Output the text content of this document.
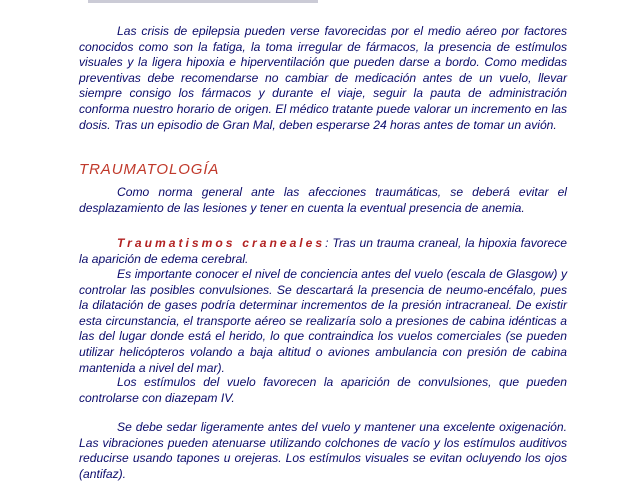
Las crisis de epilepsia pueden verse favorecidas por el medio aéreo por factores conocidos como son la fatiga, la toma irregular de fármacos, la presencia de estímulos visuales y la ligera hipoxia e hiperventilación que pueden darse a bordo. Como medidas preventivas debe recomendarse no cambiar de medicación antes de un vuelo, llevar siempre consigo los fármacos y durante el viaje, seguir la pauta de administración conforma nuestro horario de origen. El médico tratante puede valorar un incremento en las dosis. Tras un episodio de Gran Mal, deben esperarse 24 horas antes de tomar un avión.

TRAUMATOLOGÍA

Como norma general ante las afecciones traumáticas, se deberá evitar el desplazamiento de las lesiones y tener en cuenta la eventual presencia de anemia.

Traumatismos craneales: Tras un trauma craneal, la hipoxia favorece la aparición de edema cerebral.

Es importante conocer el nivel de conciencia antes del vuelo (escala de Glasgow) y controlar las posibles convulsiones. Se descartará la presencia de neumo-encéfalo, pues la dilatación de gases podría determinar incrementos de la presión intracraneal. De existir esta circunstancia, el transporte aéreo se realizaría solo a presiones de cabina idénticas a las del lugar donde está el herido, lo que contraindica los vuelos comerciales (se pueden utilizar helicópteros volando a baja altitud o aviones ambulancia con presión de cabina mantenida a nivel del mar).

Los estímulos del vuelo favorecen la aparición de convulsiones, que pueden controlarse con diazepam IV.

Se debe sedar ligeramente antes del vuelo y mantener una excelente oxigenación. Las vibraciones pueden atenuarse utilizando colchones de vacío y los estímulos auditivos reducirse usando tapones u orejeras. Los estímulos visuales se evitan ocluyendo los ojos (antifaz).
